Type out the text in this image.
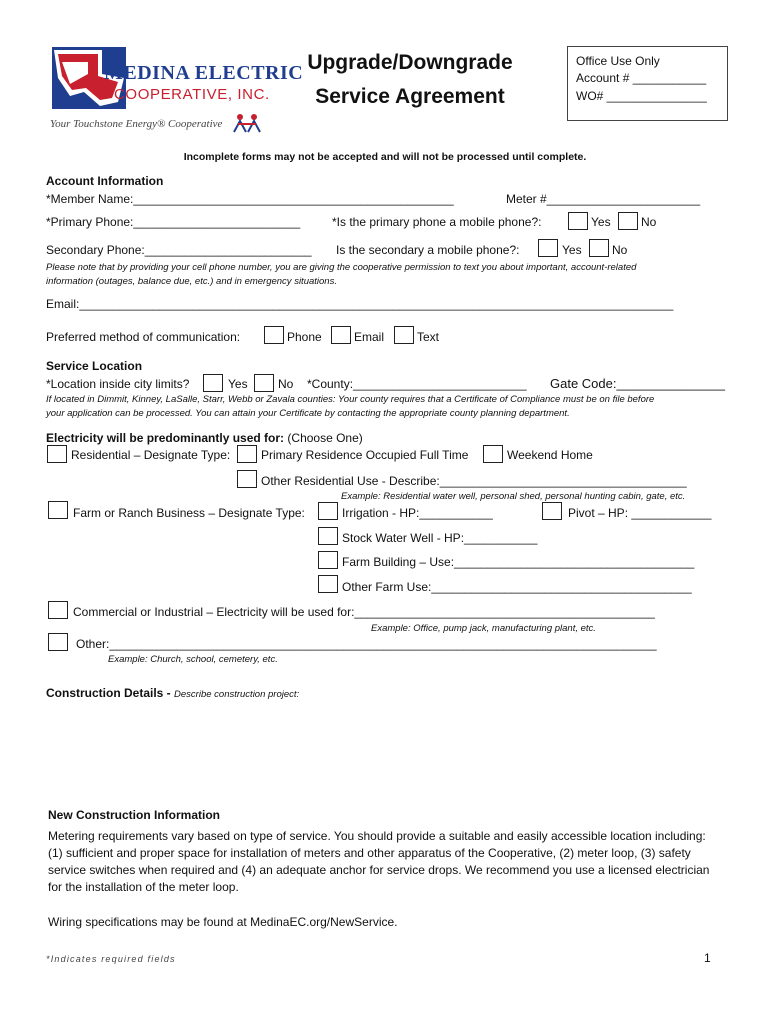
MEDINA ELECTRIC
COOPERATIVE, INC.
Your Touchstone Energy® Cooperative
Upgrade/Downgrade
Service Agreement
Office Use Only
Account # ___________
WO# _______________
Incomplete forms may not be accepted and will not be processed until complete.
Account Information
*Member Name:________________________________________________	Meter #_______________________
*Primary Phone:_________________________	*Is the primary phone a mobile phone?:	Yes	No
Secondary Phone:_________________________ Is the secondary a mobile phone?:	Yes	No
Please note that by providing your cell phone number, you are giving the cooperative permission to text you about important, account-related
information (outages, balance due, etc.) and in emergency situations.
Email:_________________________________________________________________________________________
Preferred method of communication:	Phone	Email	Text
Service Location
*Location inside city limits?	Yes	No *County:__________________________ Gate Code:_______________
If located in Dimmit, Kinney, LaSalle, Starr, Webb or Zavala counties: Your county requires that a Certificate of Compliance must be on file before
your application can be processed. You can attain your Certificate by contacting the appropriate county planning department.
Electricity will be predominantly used for: (Choose One)
Residential – Designate Type:	Primary Residence Occupied Full Time	Weekend Home
Other Residential Use - Describe:_____________________________________
Example: Residential water well, personal shed, personal hunting cabin, gate, etc.
Farm or Ranch Business – Designate Type:	Irrigation - HP:___________	Pivot – HP: ____________
Stock Water Well - HP:___________
Farm Building – Use:____________________________________
Other Farm Use:_______________________________________
Commercial or Industrial – Electricity will be used for:_____________________________________________
Example: Office, pump jack, manufacturing plant, etc.
Other:__________________________________________________________________________________
Example: Church, school, cemetery, etc.
Construction Details - Describe construction project:
New Construction Information
Metering requirements vary based on type of service. You should provide a suitable and easily accessible location including: (1) sufficient and proper space for installation of meters and other apparatus of the Cooperative, (2) meter loop, (3) safety service switches when required and (4) an adequate anchor for service drops. We recommend you use a licensed electrician for the installation of the meter loop.
Wiring specifications may be found at MedinaEC.org/NewService.
*Indicates required fields	1
